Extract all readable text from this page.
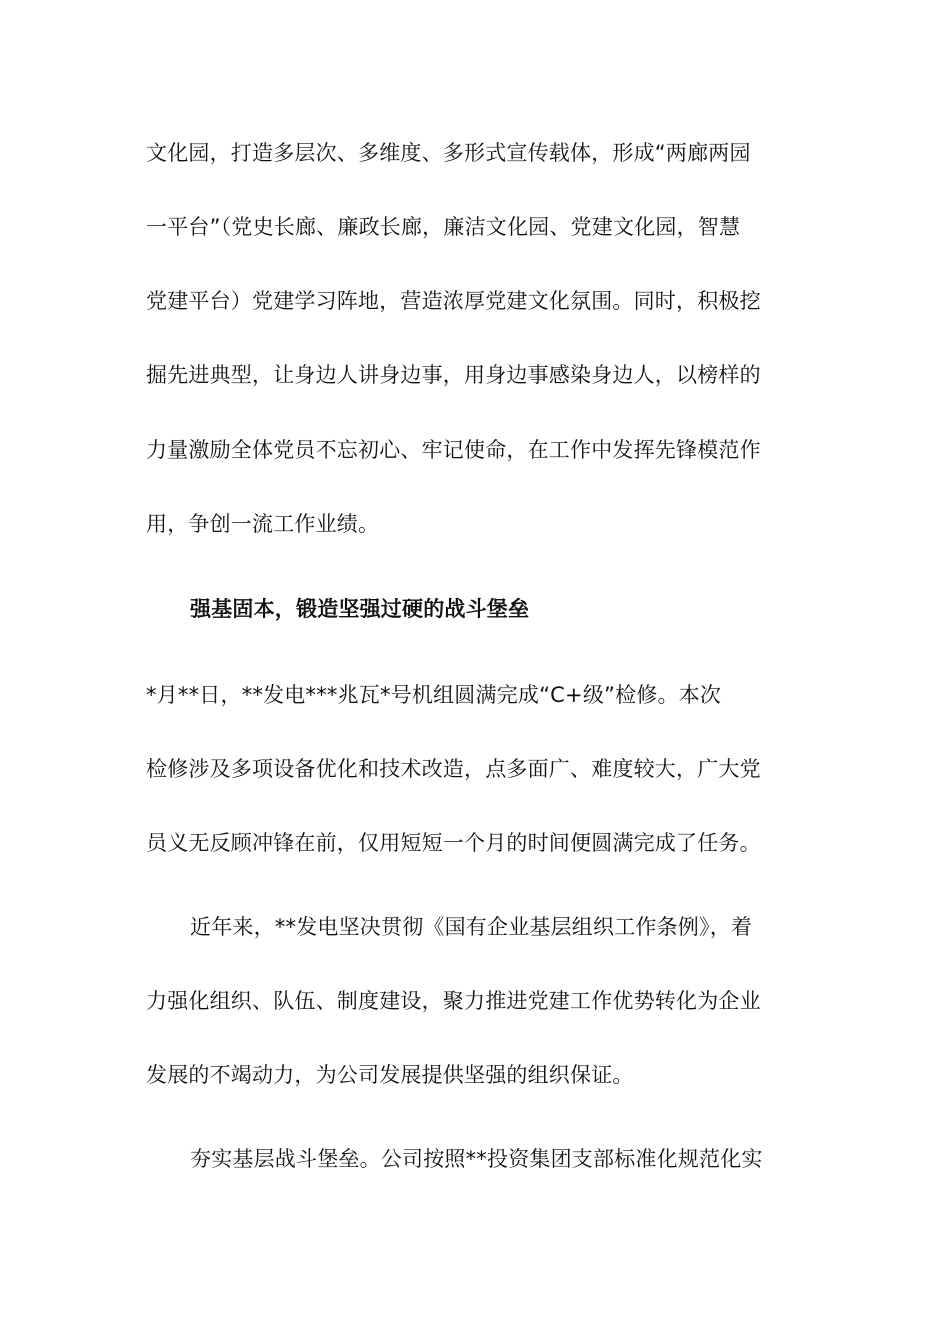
文化园，打造多层次、多维度、多形式宣传载体，形成“两廊两园
一平台”（党史长廊、廉政长廊，廉洁文化园、党建文化园，智慧
党建平台）党建学习阵地，营造浓厚党建文化氛围。同时，积极挖
掘先进典型，让身边人讲身边事，用身边事感染身边人，以榜样的
力量激励全体党员不忘初心、牢记使命，在工作中发挥先锋模范作
用，争创一流工作业绩。
强基固本，锻造坚强过硬的战斗堡垒
*月**日，**发电***兆瓦*号机组圆满完成“C+级”检修。本次
检修涉及多项设备优化和技术改造，点多面广、难度较大，广大党
员义无反顾冲锋在前，仅用短短一个月的时间便圆满完成了任务。
近年来，**发电坚决贯彻《国有企业基层组织工作条例》，着
力强化组织、队伍、制度建设，聚力推进党建工作优势转化为企业
发展的不竭动力，为公司发展提供坚强的组织保证。
夯实基层战斗堡垒。公司按照**投资集团支部标准化规范化实
